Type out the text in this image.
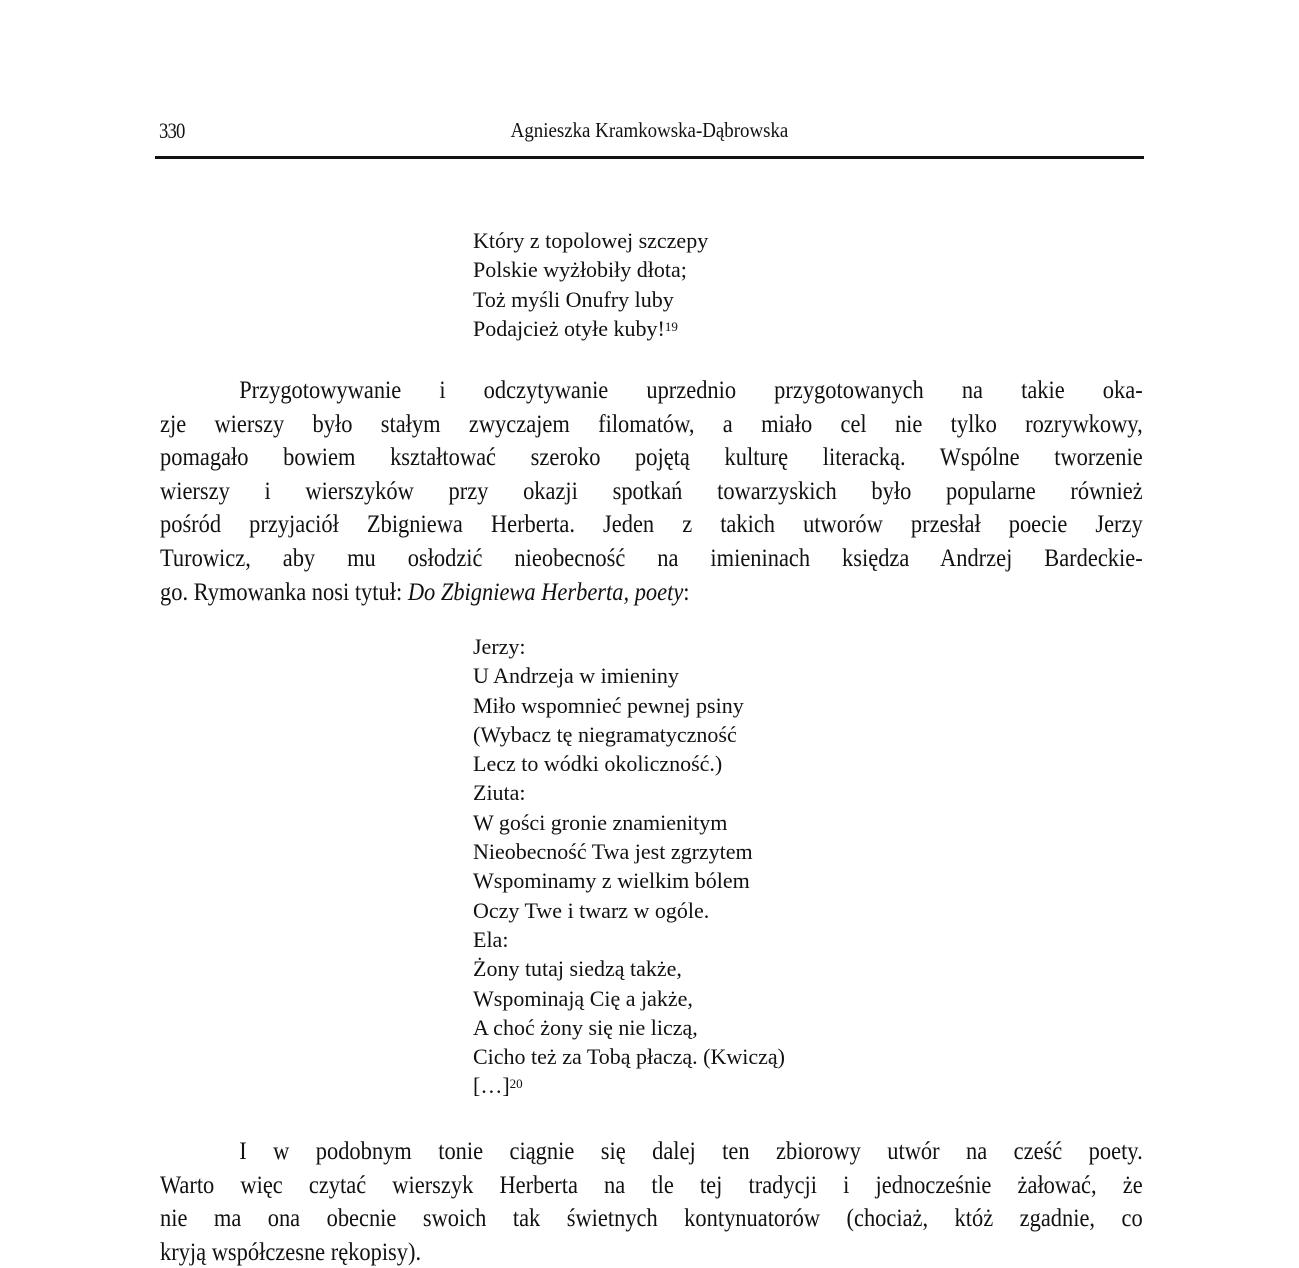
330	Agnieszka Kramkowska-Dąbrowska
Który z topolowej szczepy
Polskie wyżłobiły dłota;
Toż myśli Onufry luby
Podajcież otyłe kuby!$^{19}$
Przygotowywanie i odczytywanie uprzednio przygotowanych na takie oka-
zje wierszy było stałym zwyczajem filomatów, a miało cel nie tylko rozrywkowy,
pomagało bowiem kształtować szeroko pojętą kulturę literacką. Wspólne tworzenie
wierszy i wierszyków przy okazji spotkań towarzyskich było popularne również
pośród przyjaciół Zbigniewa Herberta. Jeden z takich utworów przesłał poecie Jerzy
Turowicz, aby mu osłodzić nieobecność na imieninach księdza Andrzej Bardeckie-
go. Rymowanka nosi tytuł: Do Zbigniewa Herberta, poety:
Jerzy:
U Andrzeja w imieniny
Miło wspomnieć pewnej psiny
(Wybacz tę niegramatyczność
Lecz to wódki okoliczność.)
Ziuta:
W gości gronie znamienitym
Nieobecność Twa jest zgrzytem
Wspominamy z wielkim bólem
Oczy Twe i twarz w ogóle.
Ela:
Żony tutaj siedzą także,
Wspominają Cię a jakże,
A choć żony się nie liczą,
Cicho też za Tobą płaczą. (Kwiczą)
[…]$^{20}$
I w podobnym tonie ciągnie się dalej ten zbiorowy utwór na cześć poety.
Warto więc czytać wierszyk Herberta na tle tej tradycji i jednocześnie żałować, że
nie ma ona obecnie swoich tak świetnych kontynuatorów (chociaż, któż zgadnie, co
kryją współczesne rękopisy).
